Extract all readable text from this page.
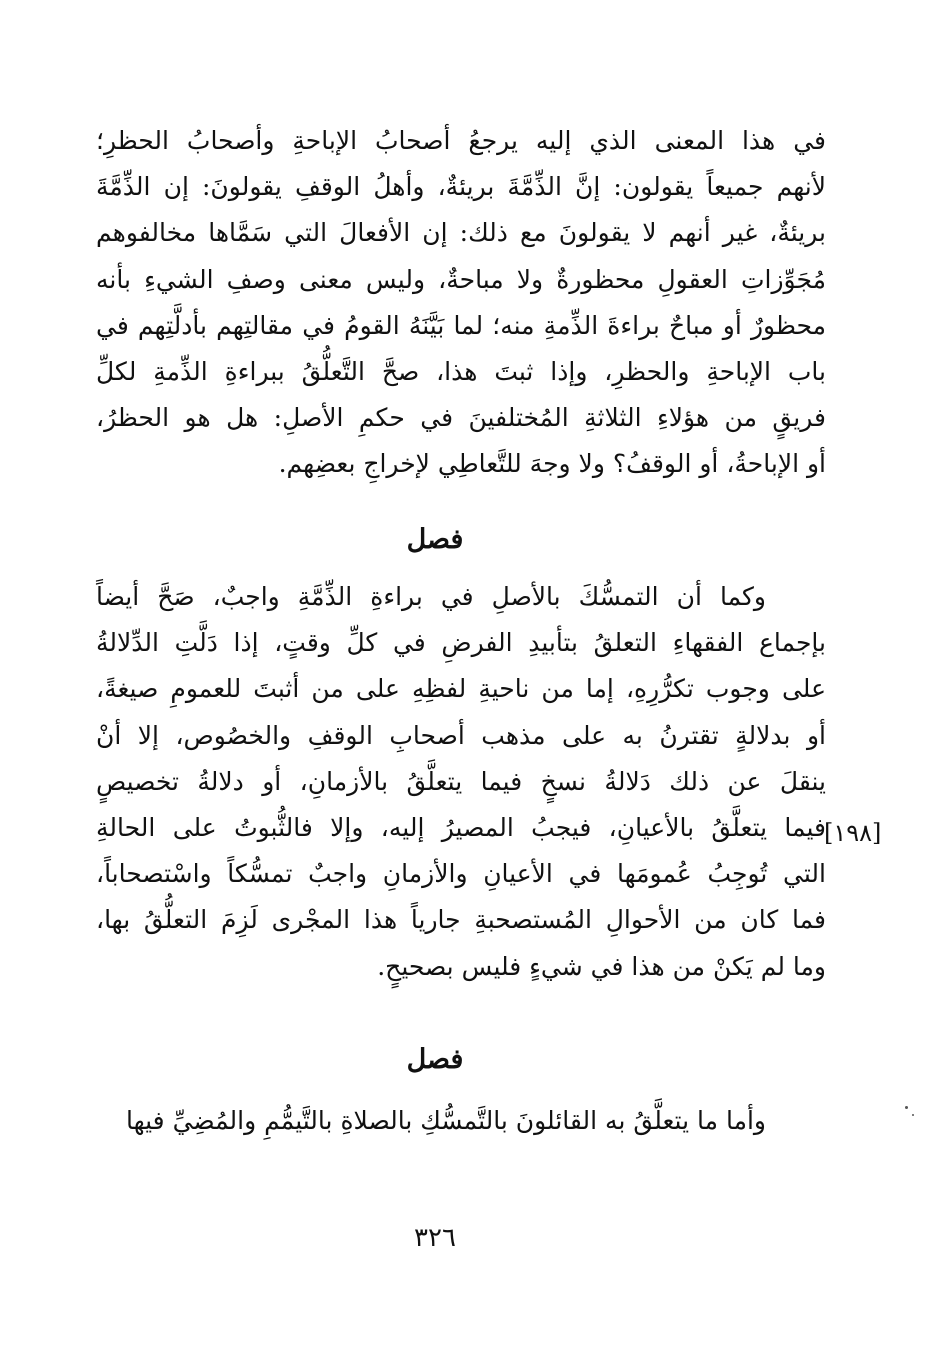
في هذا المعنى الذي إليه يرجعُ أصحابُ الإباحةِ وأصحابُ الحظرِ؛
لأنهم جميعاً يقولون: إنَّ الذِّمَّةَ بريئةٌ، وأهلُ الوقفِ يقولونَ: إن الذِّمَّةَ
بريئةٌ، غير أنهم لا يقولونَ مع ذلك: إن الأفعالَ التي سَمَّاها مخالفوهم
مُجَوِّزاتِ العقولِ محظورةٌ ولا مباحةٌ، وليس معنى وصفِ الشيءِ بأنه
محظورٌ أو مباحٌ براءةَ الذِّمةِ منه؛ لما بَيَّنَهُ القومُ في مقالتِهم بأدلَّتِهم في
باب الإباحةِ والحظرِ، وإذا ثبتَ هذا، صحَّ التَّعلُّقُ ببراءةِ الذِّمةِ لكلِّ
فريقٍ من هؤلاءِ الثلاثةِ المُختلفينَ في حكمِ الأصلِ: هل هو الحظرُ،
أو الإباحةُ، أو الوقفُ؟ ولا وجهَ للتَّعاطِي لإخراجِ بعضِهم.
فصل
وكما أن التمسُّكَ بالأصلِ في براءةِ الذِّمَّةِ واجبٌ، صَحَّ أيضاً
بإجماع الفقهاءِ التعلقُ بتأبيدِ الفرضِ في كلِّ وقتٍ، إذا دَلَّتِ الدِّلالةُ
على وجوب تكرُّرِهِ، إما من ناحيةِ لفظِهِ على من أثبتَ للعمومِ صيغةً،
أو بدلالةٍ تقترنُ به على مذهب أصحابِ الوقفِ والخصُوص، إلا أنْ
ينقلَ عن ذلك دَلالةُ نسخٍ فيما يتعلَّقُ بالأزمانِ، أو دلالةُ تخصيصٍ
فيما يتعلَّقُ بالأعيانِ، فيجبُ المصيرُ إليه، وإلا فالثُّبوتُ على الحالةِ
التي تُوجِبُ عُمومَها في الأعيانِ والأزمانِ واجبٌ تمسُّكاً واسْتصحاباً،
فما كان من الأحوالِ المُستصحبةِ جارياً هذا المجْرى لَزِمَ التعلُّقُ بها،
وما لم يَكنْ من هذا في شيءٍ فليس بصحيحٍ.
[١٩٨]
فصل
وأما ما يتعلَّقُ به القائلونَ بالتَّمسُّكِ بالصلاةِ بالتَّيمُّمِ والمُضِيِّ فيها
٣٢٦
